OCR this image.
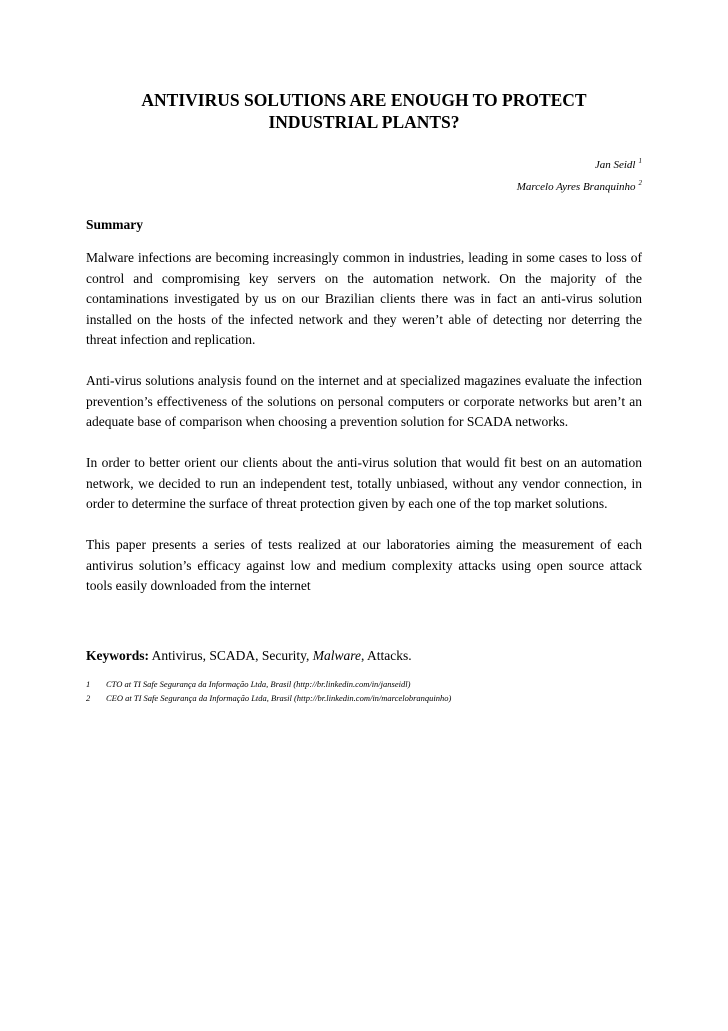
ANTIVIRUS SOLUTIONS ARE ENOUGH TO PROTECT INDUSTRIAL PLANTS?
Jan Seidl $^1$
Marcelo Ayres Branquinho $^2$
Summary

Malware infections are becoming increasingly common in industries, leading in some cases to loss of control and compromising key servers on the automation network. On the majority of the contaminations investigated by us on our Brazilian clients there was in fact an anti-virus solution installed on the hosts of the infected network and they weren’t able of detecting nor deterring the threat infection and replication.

Anti-virus solutions analysis found on the internet and at specialized magazines evaluate the infection prevention’s effectiveness of the solutions on personal computers or corporate networks but aren’t an adequate base of comparison when choosing a prevention solution for SCADA networks.

In order to better orient our clients about the anti-virus solution that would fit best on an automation network, we decided to run an independent test, totally unbiased, without any vendor connection, in order to determine the surface of threat protection given by each one of the top market solutions.

This paper presents a series of tests realized at our laboratories aiming the measurement of each antivirus solution’s efficacy against low and medium complexity attacks using open source attack tools easily downloaded from the internet

Keywords: Antivirus, SCADA, Security, Malware, Attacks.

1	CTO at TI Safe Segurança da Informação Ltda, Brasil (http://br.linkedin.com/in/janseidl)
2	CEO at TI Safe Segurança da Informação Ltda, Brasil (http://br.linkedin.com/in/marcelobranquinho)
